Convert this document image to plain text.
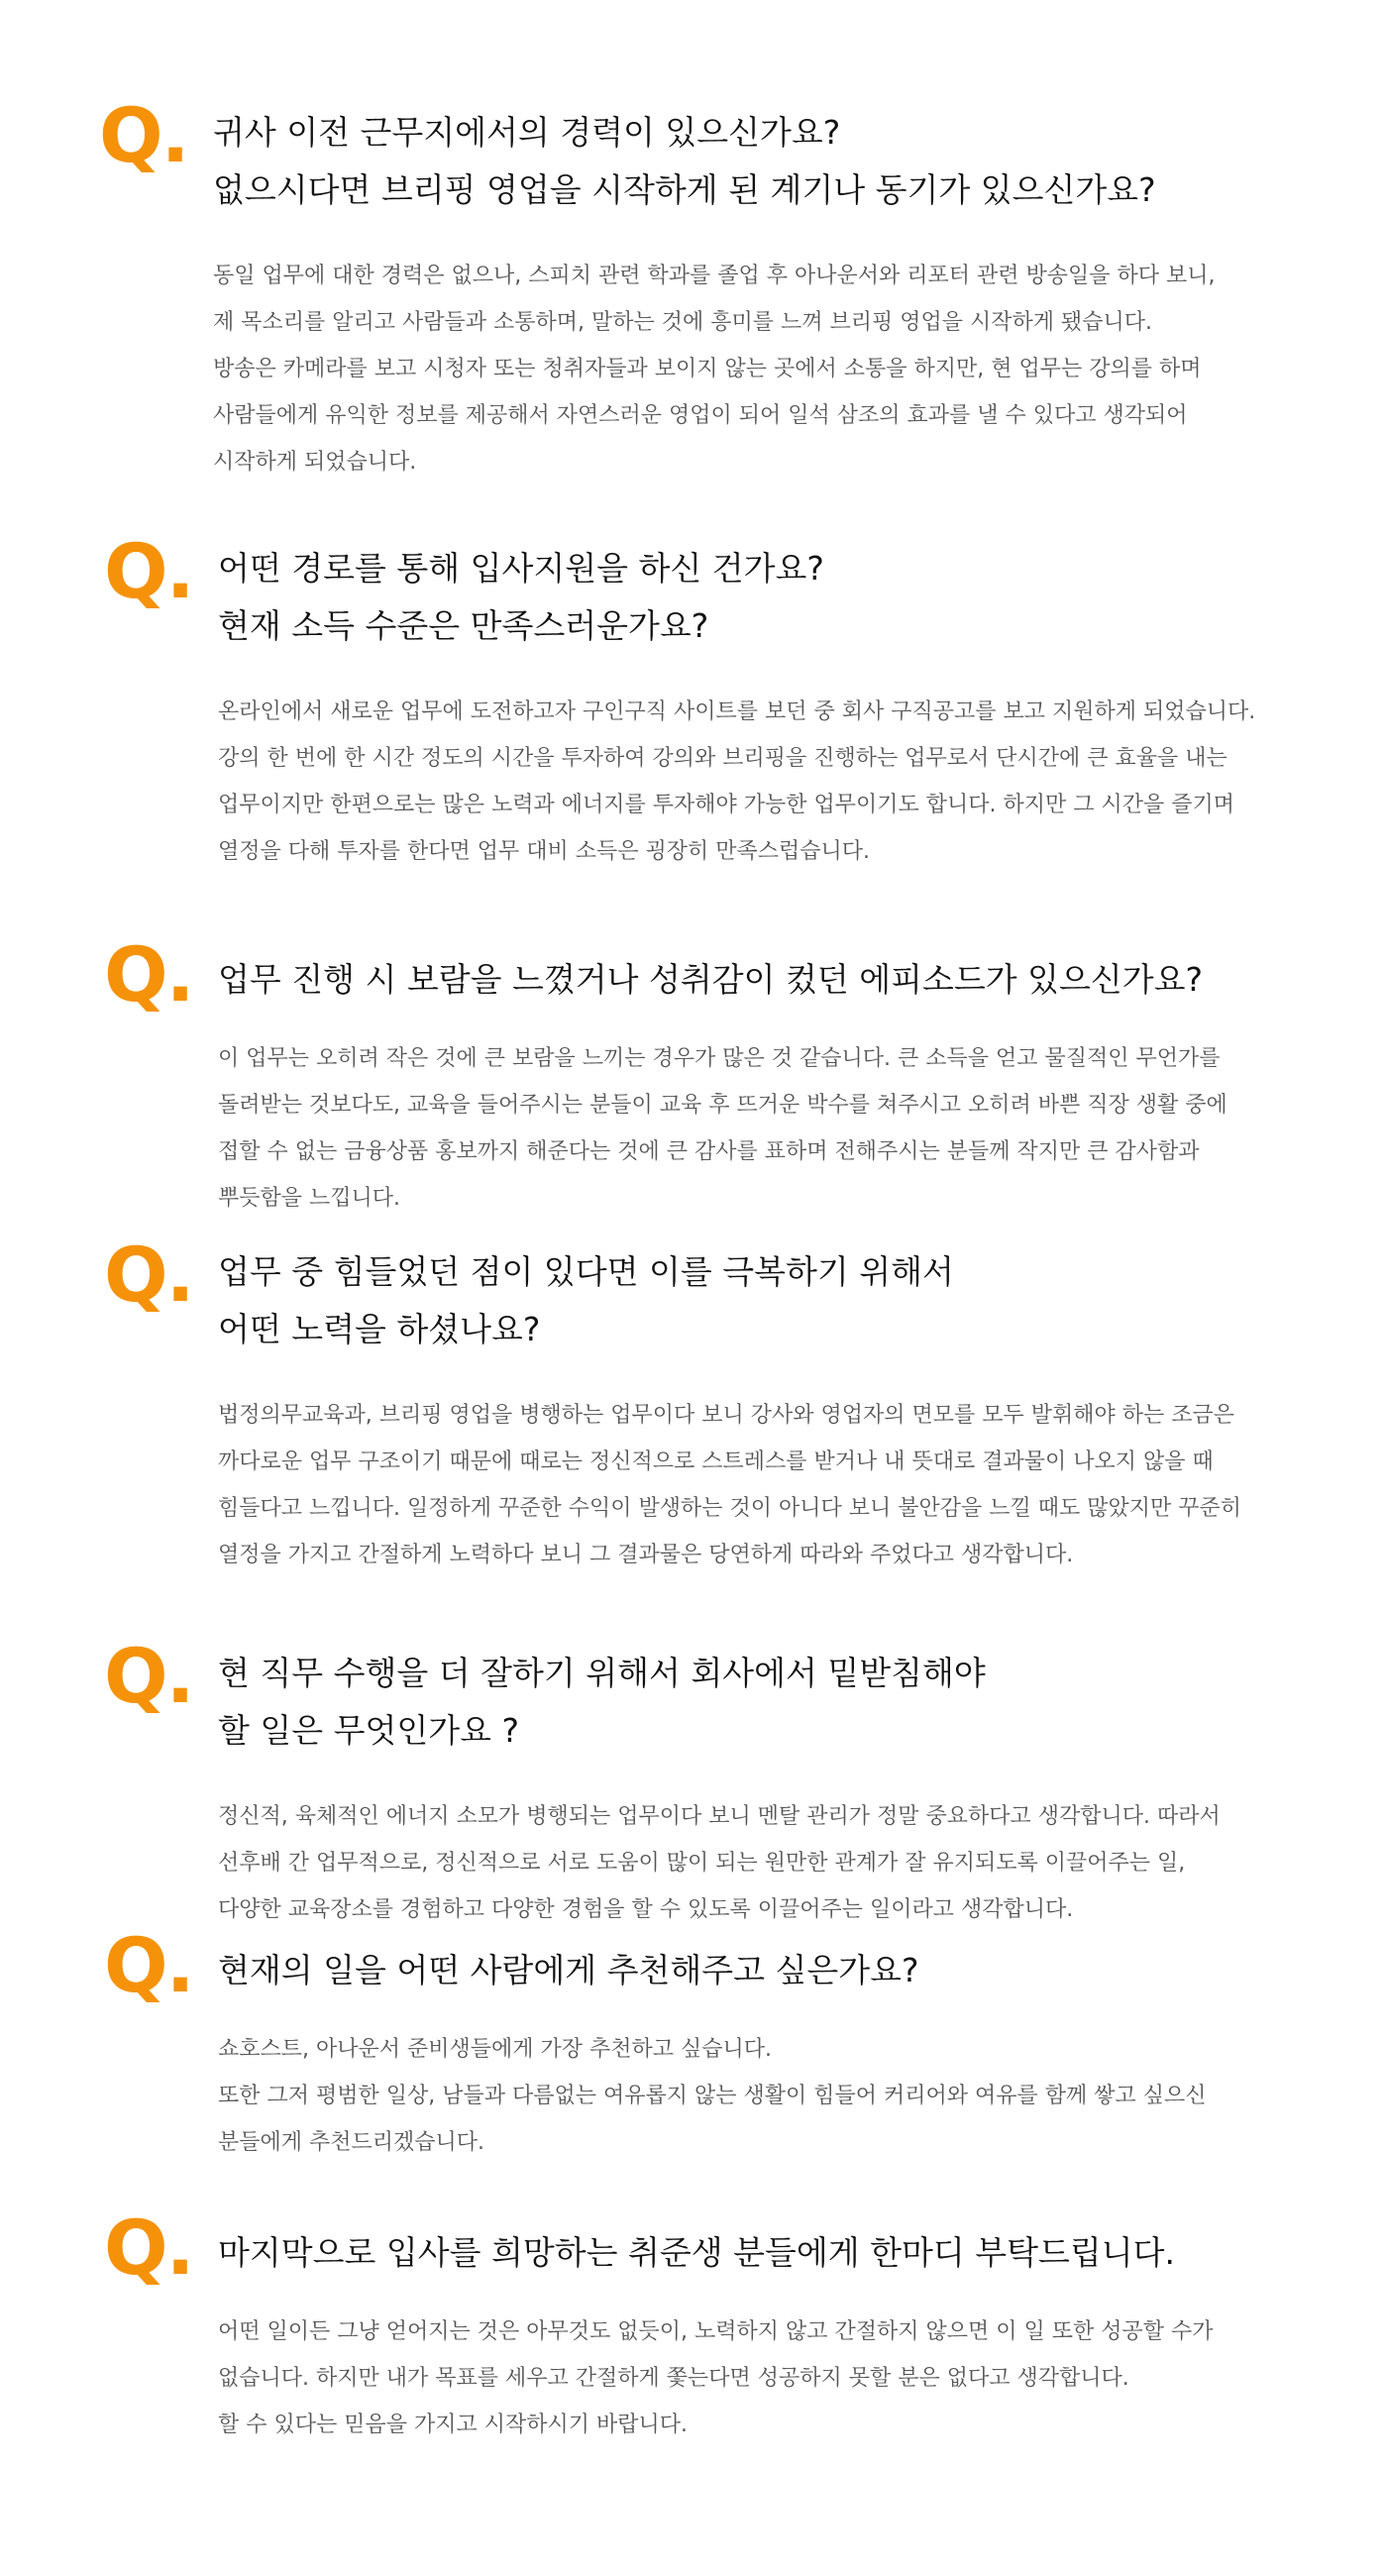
Q. 귀사 이전 근무지에서의 경력이 있으신가요?
없으시다면 브리핑 영업을 시작하게 된 계기나 동기가 있으신가요?
동일 업무에 대한 경력은 없으나, 스피치 관련 학과를 졸업 후 아나운서와 리포터 관련 방송일을 하다 보니,
제 목소리를 알리고 사람들과 소통하며, 말하는 것에 흥미를 느껴 브리핑 영업을 시작하게 됐습니다.
방송은 카메라를 보고 시청자 또는 청취자들과 보이지 않는 곳에서 소통을 하지만, 현 업무는 강의를 하며
사람들에게 유익한 정보를 제공해서 자연스러운 영업이 되어 일석 삼조의 효과를 낼 수 있다고 생각되어
시작하게 되었습니다.
Q. 어떤 경로를 통해 입사지원을 하신 건가요?
현재 소득 수준은 만족스러운가요?
온라인에서 새로운 업무에 도전하고자 구인구직 사이트를 보던 중 회사 구직공고를 보고 지원하게 되었습니다.
강의 한 번에 한 시간 정도의 시간을 투자하여 강의와 브리핑을 진행하는 업무로서 단시간에 큰 효율을 내는
업무이지만 한편으로는 많은 노력과 에너지를 투자해야 가능한 업무이기도 합니다. 하지만 그 시간을 즐기며
열정을 다해 투자를 한다면 업무 대비 소득은 굉장히 만족스럽습니다.
Q. 업무 진행 시 보람을 느꼈거나 성취감이 컸던 에피소드가 있으신가요?
이 업무는 오히려 작은 것에 큰 보람을 느끼는 경우가 많은 것 같습니다. 큰 소득을 얻고 물질적인 무언가를
돌려받는 것보다도, 교육을 들어주시는 분들이 교육 후 뜨거운 박수를 쳐주시고 오히려 바쁜 직장 생활 중에
접할 수 없는 금융상품 홍보까지 해준다는 것에 큰 감사를 표하며 전해주시는 분들께 작지만 큰 감사함과
뿌듯함을 느낍니다.
Q. 업무 중 힘들었던 점이 있다면 이를 극복하기 위해서
어떤 노력을 하셨나요?
법정의무교육과, 브리핑 영업을 병행하는 업무이다 보니 강사와 영업자의 면모를 모두 발휘해야 하는 조금은
까다로운 업무 구조이기 때문에 때로는 정신적으로 스트레스를 받거나 내 뜻대로 결과물이 나오지 않을 때
힘들다고 느낍니다. 일정하게 꾸준한 수익이 발생하는 것이 아니다 보니 불안감을 느낄 때도 많았지만 꾸준히
열정을 가지고 간절하게 노력하다 보니 그 결과물은 당연하게 따라와 주었다고 생각합니다.
Q. 현 직무 수행을 더 잘하기 위해서 회사에서 밑받침해야
할 일은 무엇인가요 ?
정신적, 육체적인 에너지 소모가 병행되는 업무이다 보니 멘탈 관리가 정말 중요하다고 생각합니다. 따라서
선후배 간 업무적으로, 정신적으로 서로 도움이 많이 되는 원만한 관계가 잘 유지되도록 이끌어주는 일,
다양한 교육장소를 경험하고 다양한 경험을 할 수 있도록 이끌어주는 일이라고 생각합니다.
Q. 현재의 일을 어떤 사람에게 추천해주고 싶은가요?
쇼호스트, 아나운서 준비생들에게 가장 추천하고 싶습니다.
또한 그저 평범한 일상, 남들과 다름없는 여유롭지 않는 생활이 힘들어 커리어와 여유를 함께 쌓고 싶으신
분들에게 추천드리겠습니다.
Q. 마지막으로 입사를 희망하는 취준생 분들에게 한마디 부탁드립니다.
어떤 일이든 그냥 얻어지는 것은 아무것도 없듯이, 노력하지 않고 간절하지 않으면 이 일 또한 성공할 수가
없습니다. 하지만 내가 목표를 세우고 간절하게 쫓는다면 성공하지 못할 분은 없다고 생각합니다.
할 수 있다는 믿음을 가지고 시작하시기 바랍니다.
